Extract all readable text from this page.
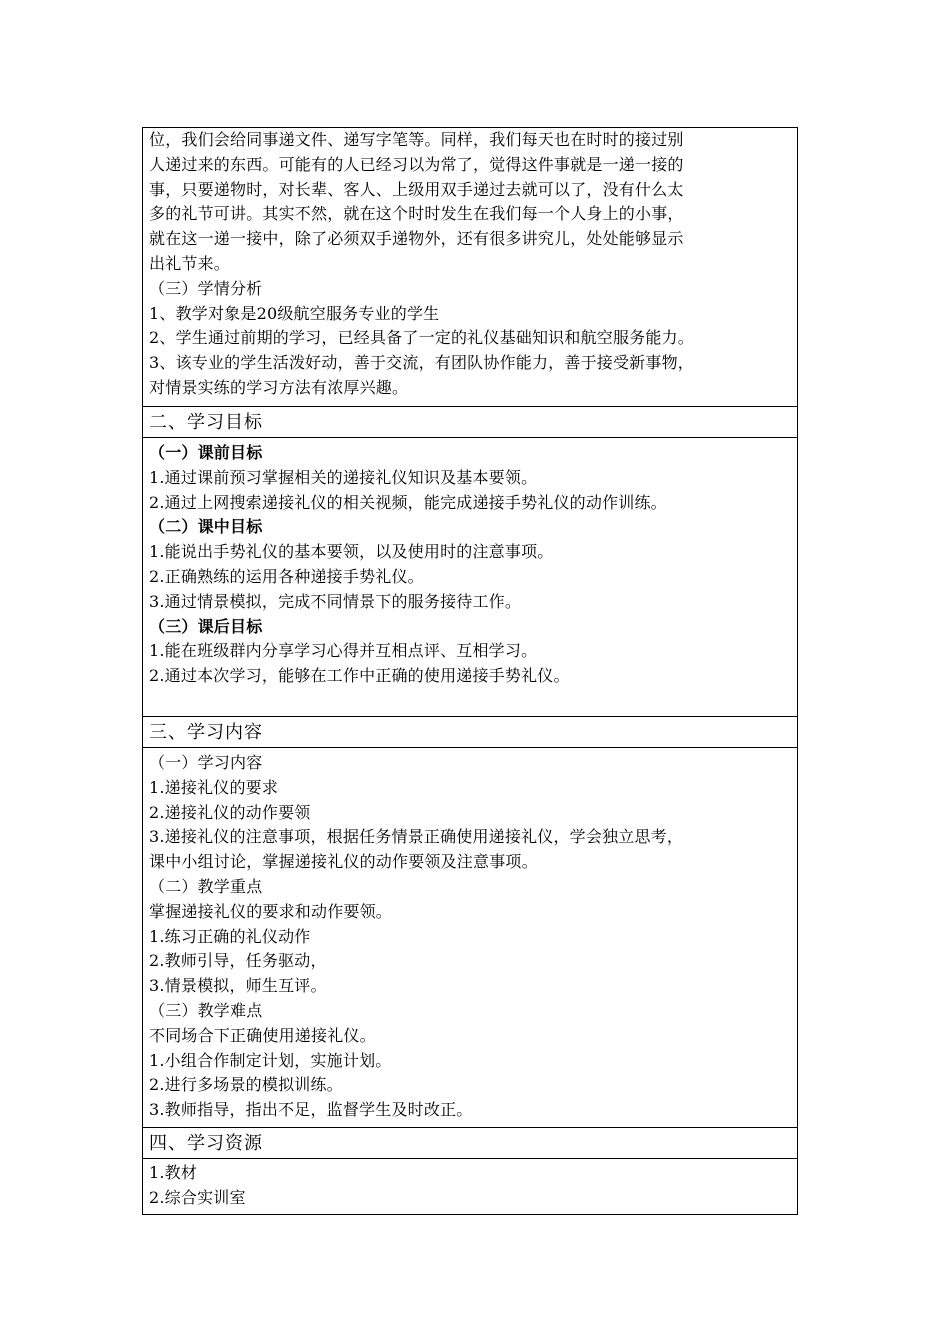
位，我们会给同事递文件、递写字笔等。同样，我们每天也在时时的接过别
人递过来的东西。可能有的人已经习以为常了，觉得这件事就是一递一接的
事，只要递物时，对长辈、客人、上级用双手递过去就可以了，没有什么太
多的礼节可讲。其实不然，就在这个时时发生在我们每一个人身上的小事，
就在这一递一接中，除了必须双手递物外，还有很多讲究儿，处处能够显示
出礼节来。
（三）学情分析
1、教学对象是20级航空服务专业的学生
2、学生通过前期的学习，已经具备了一定的礼仪基础知识和航空服务能力。
3、该专业的学生活泼好动，善于交流，有团队协作能力，善于接受新事物，
对情景实练的学习方法有浓厚兴趣。
二、学习目标
（一）课前目标
1.通过课前预习掌握相关的递接礼仪知识及基本要领。
2.通过上网搜索递接礼仪的相关视频，能完成递接手势礼仪的动作训练。
（二）课中目标
1.能说出手势礼仪的基本要领，以及使用时的注意事项。
2.正确熟练的运用各种递接手势礼仪。
3.通过情景模拟，完成不同情景下的服务接待工作。
（三）课后目标
1.能在班级群内分享学习心得并互相点评、互相学习。
2.通过本次学习，能够在工作中正确的使用递接手势礼仪。
三、学习内容
（一）学习内容
1.递接礼仪的要求
2.递接礼仪的动作要领
3.递接礼仪的注意事项，根据任务情景正确使用递接礼仪，学会独立思考，
课中小组讨论，掌握递接礼仪的动作要领及注意事项。
（二）教学重点
掌握递接礼仪的要求和动作要领。
1.练习正确的礼仪动作
2.教师引导，任务驱动，
3.情景模拟，师生互评。
（三）教学难点
不同场合下正确使用递接礼仪。
1.小组合作制定计划，实施计划。
2.进行多场景的模拟训练。
3.教师指导，指出不足，监督学生及时改正。
四、学习资源
1.教材
2.综合实训室
